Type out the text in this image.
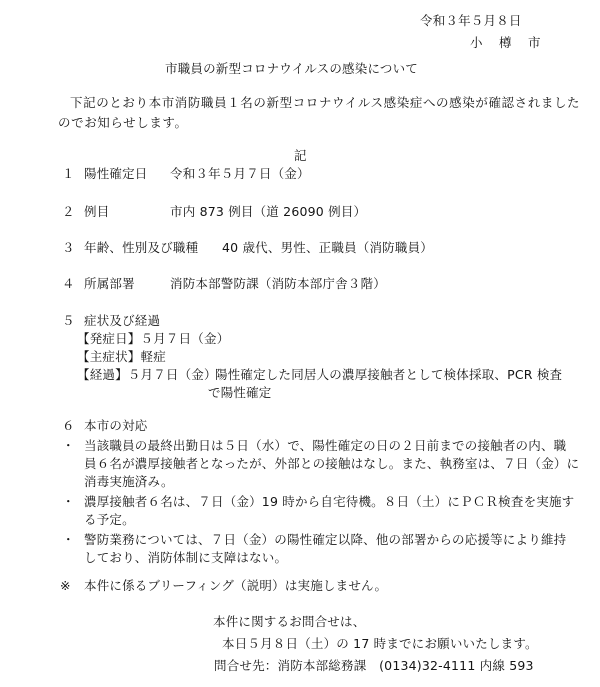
令和３年５月８日
小　樽　市
市職員の新型コロナウイルスの感染について
下記のとおり本市消防職員１名の新型コロナウイルス感染症への感染が確認されました
のでお知らせします。
記
１ 陽性確定日 令和３年５月７日（金）
２ 例目	市内 873 例目（道 26090 例目）
３ 年齢、性別及び職種 40 歳代、男性、正職員（消防職員）
４ 所属部署	消防本部警防課（消防本部庁舎３階）
５ 症状及び経過
【発症日】５月７日（金）
【主症状】軽症
【経過】５月７日（金）
陽性確定した同居人の濃厚接触者として検体採取、PCR 検査
で陽性確定
６ 本市の対応
・ 当該職員の最終出勤日は５日（水）で、陽性確定の日の２日前までの接触者の内、職
員６名が濃厚接触者となったが、外部との接触はなし。また、執務室は、７日（金）に
消毒実施済み。
・ 濃厚接触者６名は、７日（金）19 時から自宅待機。８日（土）にＰＣＲ検査を実施す
る予定。
・ 警防業務については、７日（金）の陽性確定以降、他の部署からの応援等により維持
しており、消防体制に支障はない。
※ 本件に係るブリーフィング（説明）は実施しません。
本件に関するお問合せは、
本日５月８日（土）の 17 時までにお願いいたします。
問合せ先：消防本部総務課　(0134)32-4111 内線 593
